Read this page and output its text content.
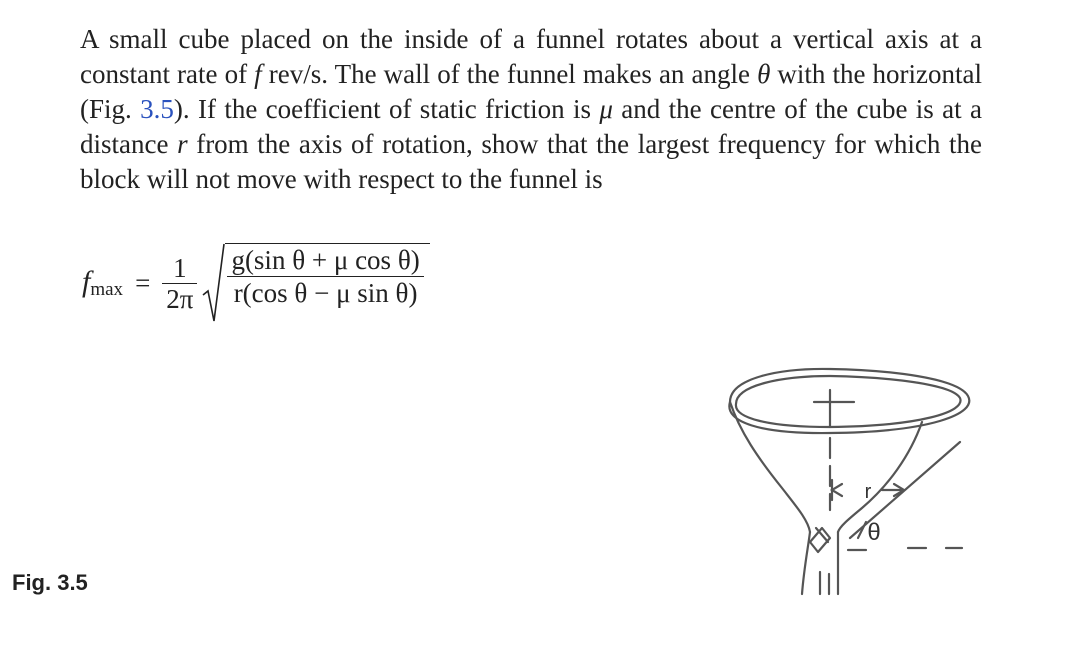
A small cube placed on the inside of a funnel rotates about a vertical axis at a constant rate of f rev/s. The wall of the funnel makes an angle θ with the horizontal (Fig. 3.5). If the coefficient of static friction is μ and the centre of the cube is at a distance r from the axis of rotation, show that the largest frequency for which the block will not move with respect to the funnel is

$f_{max} = \frac{1}{2\pi} \frac{\text{g(sin θ + μ cos θ)}}{\text{r(cos θ − μ sin θ)}}$
Fig. 3.5
r
θ
